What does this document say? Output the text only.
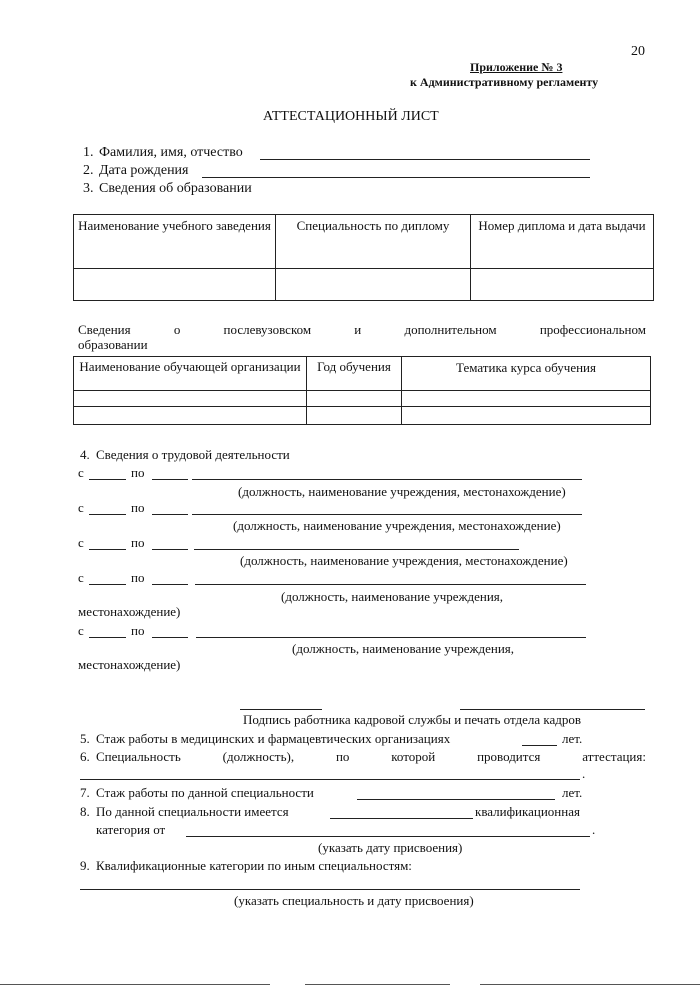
20
Приложение № 3
к Административному регламенту
АТТЕСТАЦИОННЫЙ ЛИСТ
1. Фамилия, имя, отчество
2. Дата рождения
3. Сведения об образовании
Наименование учебного заведения	Специальность по диплому	Номер диплома и дата выдачи

Сведения	о	послевузовском	и	дополнительном	профессиональном
образовании
Наименование обучающей организации	Год обучения	Тематика курса обучения

4. Сведения о трудовой деятельности
с	по
(должность, наименование учреждения, местонахождение)
с	по
(должность, наименование учреждения, местонахождение)
с	по
(должность, наименование учреждения, местонахождение)
с	по
(должность, наименование учреждения,
местонахождение)
с	по
(должность, наименование учреждения,
местонахождение)
Подпись работника кадровой службы и печать отдела кадров
5. Стаж работы в медицинских и фармацевтических организациях	лет.
6. Специальность	(должность),	по	которой	проводится	аттестация:
.
7. Стаж работы по данной специальности	лет.
8. По данной специальности имеется	квалификационная
категория от	.
(указать дату присвоения)
9. Квалификационные категории по иным специальностям:
(указать специальность и дату присвоения)
